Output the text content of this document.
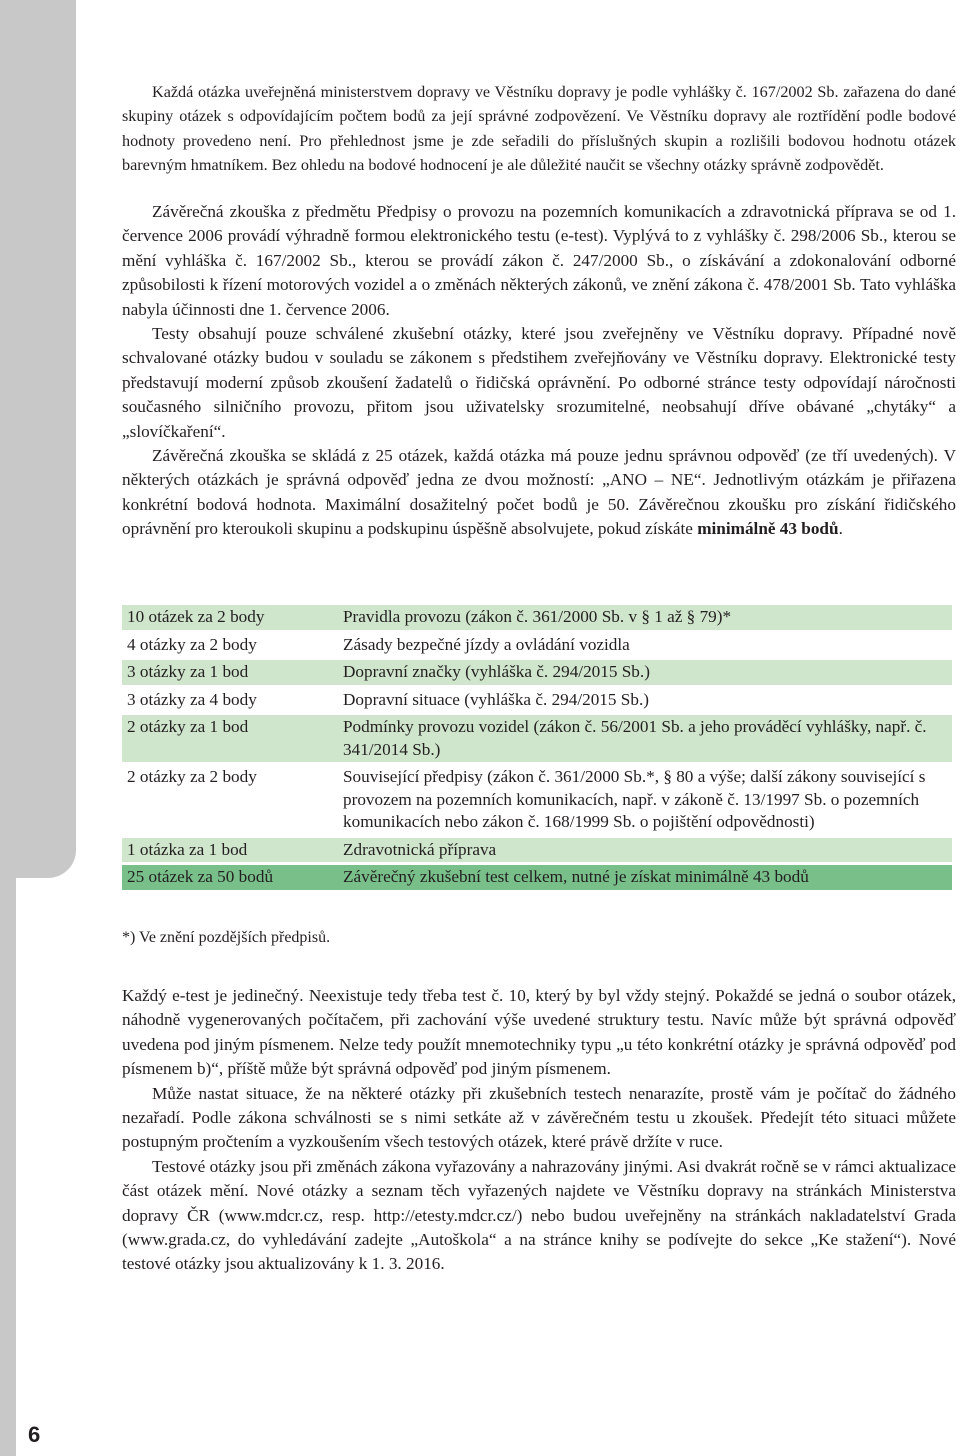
Každá otázka uveřejněná ministerstvem dopravy ve Věstníku dopravy je podle vyhlášky č. 167/2002 Sb. zařazena do dané skupiny otázek s odpovídajícím počtem bodů za její správné zodpovězení. Ve Věstníku dopravy ale roztřídění podle bodové hodnoty provedeno není. Pro přehlednost jsme je zde seřadili do příslušných skupin a rozlišili bodovou hodnotu otázek barevným hmatníkem. Bez ohledu na bodové hodnocení je ale důležité naučit se všechny otázky správně zodpovědět.

Závěrečná zkouška z předmětu Předpisy o provozu na pozemních komunikacích a zdravotnická příprava se od 1. července 2006 provádí výhradně formou elektronického testu (e-test). Vyplývá to z vyhlášky č. 298/2006 Sb., kterou se mění vyhláška č. 167/2002 Sb., kterou se provádí zákon č. 247/2000 Sb., o získávání a zdokonalování odborné způsobilosti k řízení motorových vozidel a o změnách některých zákonů, ve znění zákona č. 478/2001 Sb. Tato vyhláška nabyla účinnosti dne 1. července 2006.

Testy obsahují pouze schválené zkušební otázky, které jsou zveřejněny ve Věstníku dopravy. Případné nově schvalované otázky budou v souladu se zákonem s předstihem zveřejňovány ve Věstníku dopravy. Elektronické testy představují moderní způsob zkoušení žadatelů o řidičská oprávnění. Po odborné stránce testy odpovídají náročnosti současného silničního provozu, přitom jsou uživatelsky srozumitelné, neobsahují dříve obávané „chytáky“ a „slovíčkaření“.

Závěrečná zkouška se skládá z 25 otázek, každá otázka má pouze jednu správnou odpověď (ze tří uvedených). V některých otázkách je správná odpověď jedna ze dvou možností: „ANO – NE“. Jednotlivým otázkám je přiřazena konkrétní bodová hodnota. Maximální dosažitelný počet bodů je 50. Závěrečnou zkoušku pro získání řidičského oprávnění pro kteroukoli skupinu a podskupinu úspěšně absolvujete, pokud získáte minimálně 43 bodů.

10 otázek za 2 body	Pravidla provozu (zákon č. 361/2000 Sb. v § 1 až § 79)*
4 otázky za 2 body	Zásady bezpečné jízdy a ovládání vozidla
3 otázky za 1 bod	Dopravní značky (vyhláška č. 294/2015 Sb.)
3 otázky za 4 body	Dopravní situace (vyhláška č. 294/2015 Sb.)
2 otázky za 1 bod	Podmínky provozu vozidel (zákon č. 56/2001 Sb. a jeho prováděcí vyhlášky, např. č. 341/2014 Sb.)
2 otázky za 2 body	Související předpisy (zákon č. 361/2000 Sb.*, § 80 a výše; další zákony související s provozem na pozemních komunikacích, např. v zákoně č. 13/1997 Sb. o pozemních komunikacích nebo zákon č. 168/1999 Sb. o pojištění odpovědnosti)
1 otázka za 1 bod	Zdravotnická příprava
25 otázek za 50 bodů	Závěrečný zkušební test celkem, nutné je získat minimálně 43 bodů
*) Ve znění pozdějších předpisů.

Každý e-test je jedinečný. Neexistuje tedy třeba test č. 10, který by byl vždy stejný. Pokaždé se jedná o soubor otázek, náhodně vygenerovaných počítačem, při zachování výše uvedené struktury testu. Navíc může být správná odpověď uvedena pod jiným písmenem. Nelze tedy použít mnemotechniky typu „u této konkrétní otázky je správná odpověď pod písmenem b)“, příště může být správná odpověď pod jiným písmenem.

Může nastat situace, že na některé otázky při zkušebních testech nenarazíte, prostě vám je počítač do žádného nezařadí. Podle zákona schválnosti se s nimi setkáte až v závěrečném testu u zkoušek. Předejít této situaci můžete postupným pročtením a vyzkoušením všech testových otázek, které právě držíte v ruce.

Testové otázky jsou při změnách zákona vyřazovány a nahrazovány jinými. Asi dvakrát ročně se v rámci aktualizace část otázek mění. Nové otázky a seznam těch vyřazených najdete ve Věstníku dopravy na stránkách Ministerstva dopravy ČR (www.mdcr.cz, resp. http://etesty.mdcr.cz/) nebo budou uveřejněny na stránkách nakladatelství Grada (www.grada.cz, do vyhledávání zadejte „Autoškola“ a na stránce knihy se podívejte do sekce „Ke stažení“). Nové testové otázky jsou aktualizovány k 1. 3. 2016.

6
